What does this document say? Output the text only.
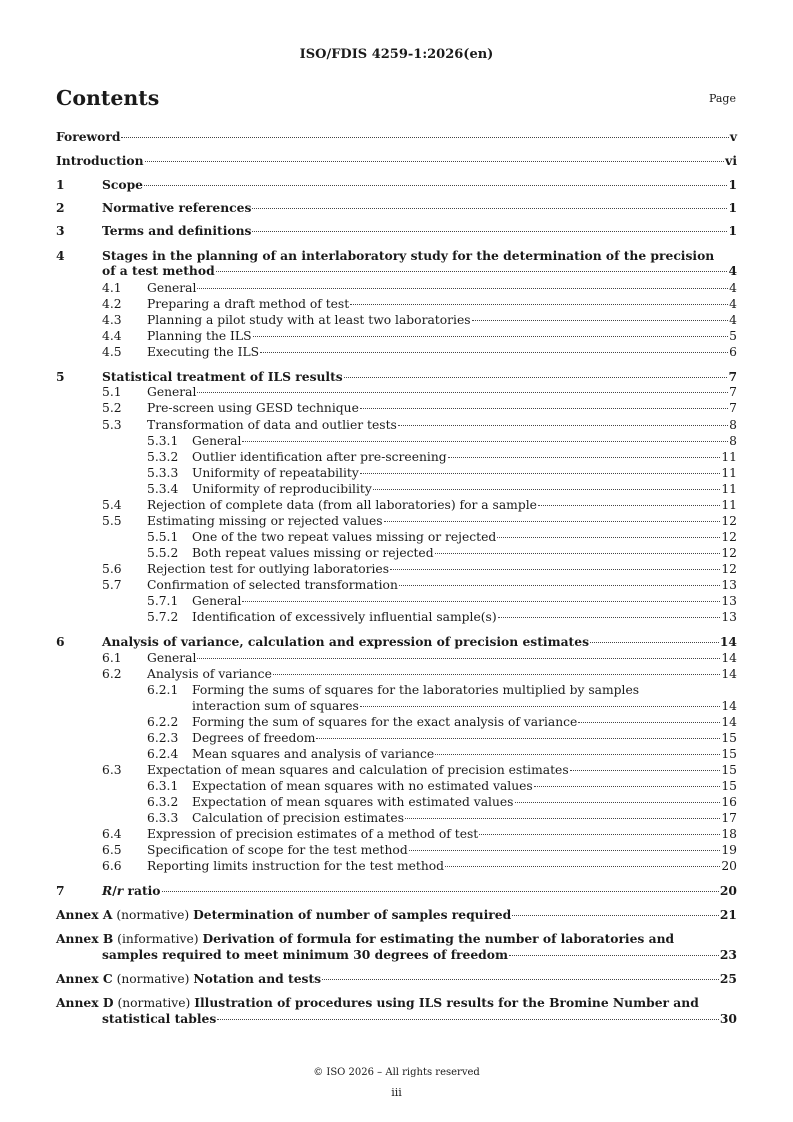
ISO/FDIS 4259-1:2026(en)
Contents	Page
Foreword	v
Introduction	vi
1	Scope	1
2	Normative references	1
3	Terms and definitions	1
4	Stages in the planning of an interlaboratory study for the determination of the precision
of a test method	4
4.1 General	4
4.2 Preparing a draft method of test	4
4.3 Planning a pilot study with at least two laboratories	4
4.4 Planning the ILS	5
4.5 Executing the ILS	6
5	Statistical treatment of ILS results	7
5.1 General	7
5.2 Pre-screen using GESD technique	7
5.3 Transformation of data and outlier tests	8
5.3.1 General	8
5.3.2 Outlier identification after pre-screening	11
5.3.3 Uniformity of repeatability	11
5.3.4 Uniformity of reproducibility	11
5.4 Rejection of complete data (from all laboratories) for a sample	11
5.5 Estimating missing or rejected values	12
5.5.1 One of the two repeat values missing or rejected	12
5.5.2 Both repeat values missing or rejected	12
5.6 Rejection test for outlying laboratories	12
5.7 Confirmation of selected transformation	13
5.7.1 General	13
5.7.2 Identification of excessively influential sample(s)	13
6	Analysis of variance, calculation and expression of precision estimates	14
6.1 General	14
6.2 Analysis of variance	14
6.2.1 Forming the sums of squares for the laboratories multiplied by samples
interaction sum of squares	14
6.2.2 Forming the sum of squares for the exact analysis of variance	14
6.2.3 Degrees of freedom	15
6.2.4 Mean squares and analysis of variance	15
6.3 Expectation of mean squares and calculation of precision estimates	15
6.3.1 Expectation of mean squares with no estimated values	15
6.3.2 Expectation of mean squares with estimated values	16
6.3.3 Calculation of precision estimates	17
6.4 Expression of precision estimates of a method of test	18
6.5 Specification of scope for the test method	19
6.6 Reporting limits instruction for the test method	20
7	R/r ratio	20
Annex A (normative) Determination of number of samples required	21
Annex B (informative) Derivation of formula for estimating the number of laboratories and
samples required to meet minimum 30 degrees of freedom	23
Annex C (normative) Notation and tests	25
Annex D (normative) Illustration of procedures using ILS results for the Bromine Number and
statistical tables	30
© ISO 2026 – All rights reserved
iii
